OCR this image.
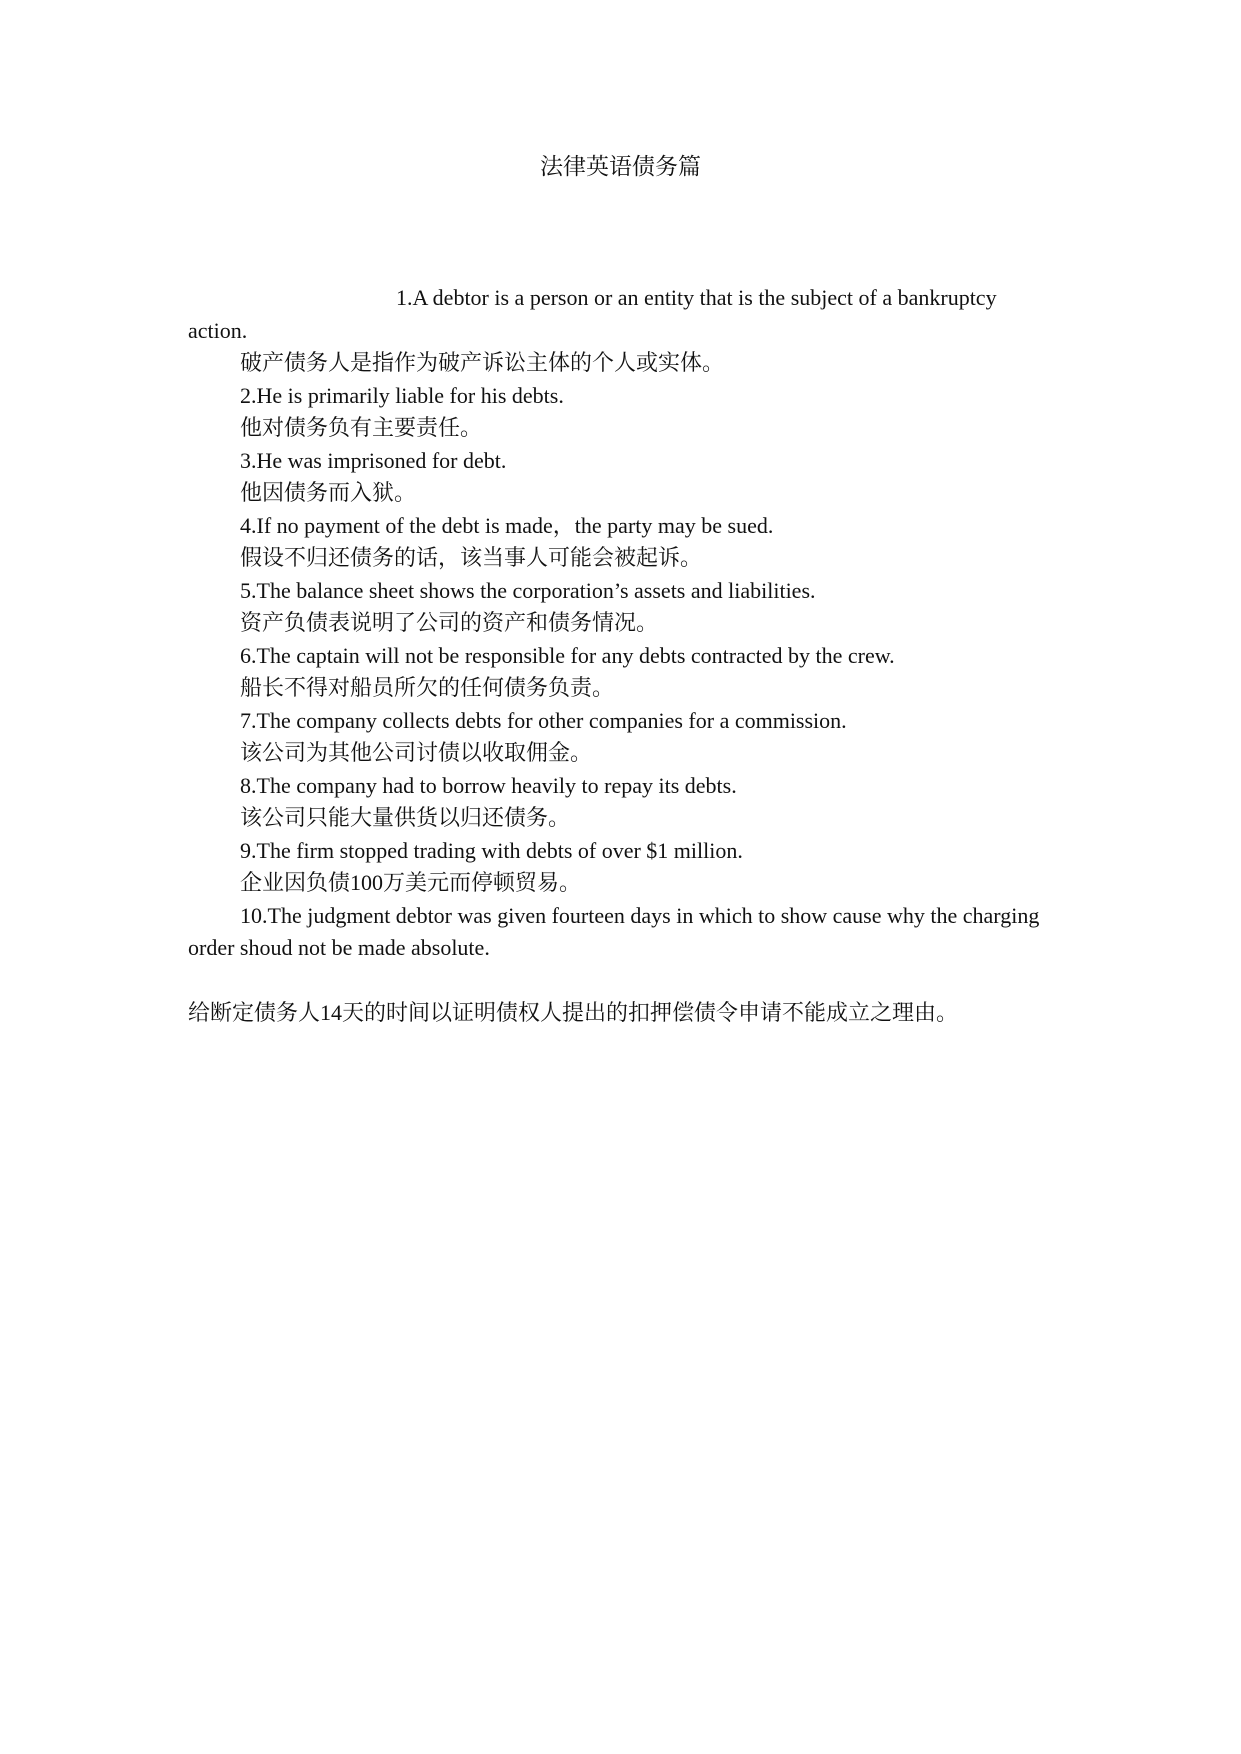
法律英语债务篇

1.A debtor is a person or an entity that is the subject of a bankruptcy action.

破产债务人是指作为破产诉讼主体的个人或实体。

2.He is primarily liable for his debts.

他对债务负有主要责任。

3.He was imprisoned for debt.

他因债务而入狱。

4.If no payment of the debt is made，the party may be sued.

假设不归还债务的话，该当事人可能会被起诉。

5.The balance sheet shows the corporation’s assets and liabilities.

资产负债表说明了公司的资产和债务情况。

6.The captain will not be responsible for any debts contracted by the crew.

船长不得对船员所欠的任何债务负责。

7.The company collects debts for other companies for a commission.

该公司为其他公司讨债以收取佣金。

8.The company had to borrow heavily to repay its debts.

该公司只能大量供货以归还债务。

9.The firm stopped trading with debts of over $1 million.

企业因负债100万美元而停顿贸易。

10.The judgment debtor was given fourteen days in which to show cause why the charging order shoud not be made absolute.

给断定债务人14天的时间以证明债权人提出的扣押偿债令申请不能成立之理由。
